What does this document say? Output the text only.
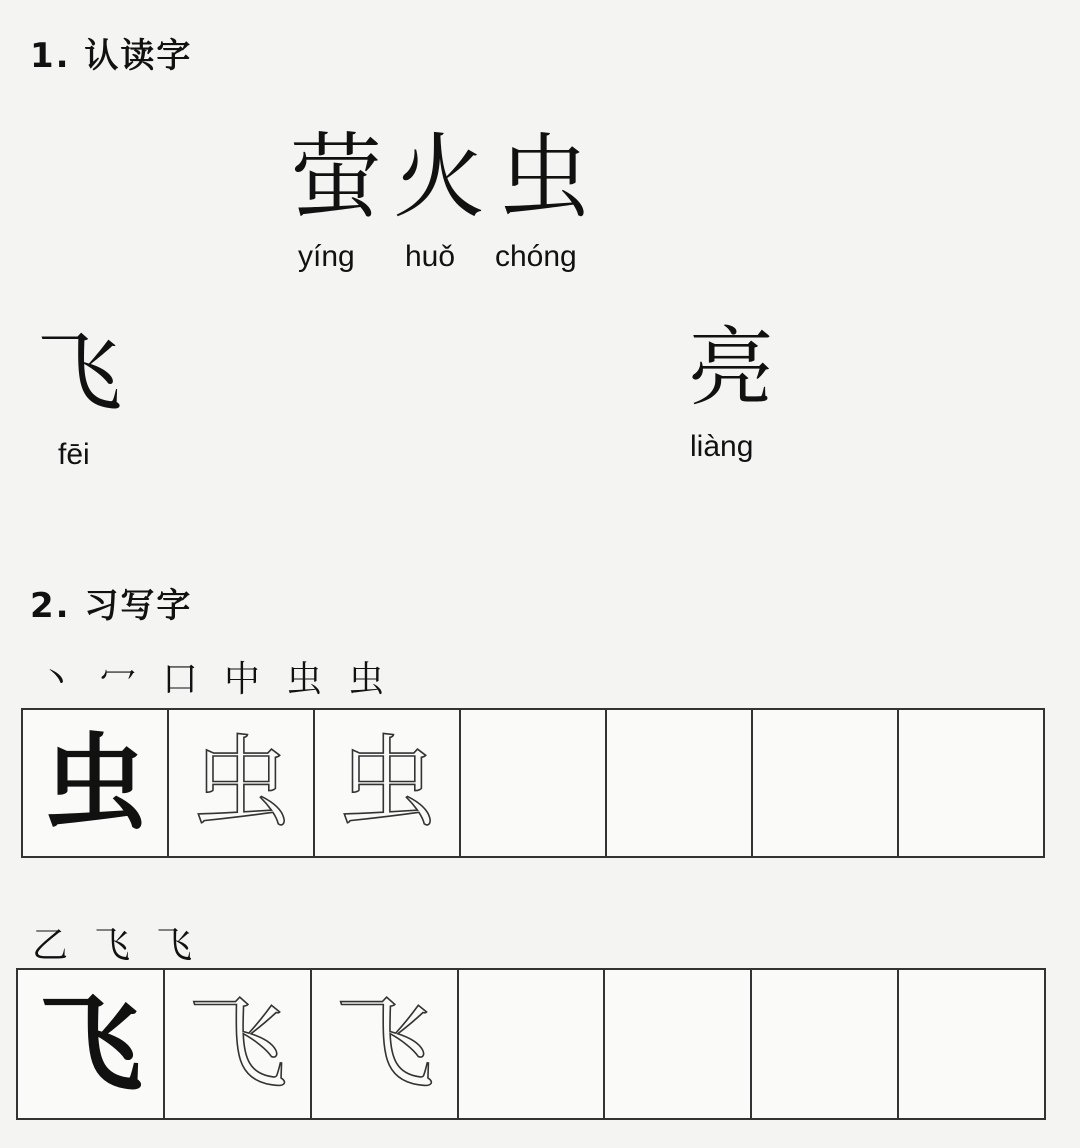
1. 认读字
萤 火 虫
yíng huǒ chóng
飞
fēi
亮
liàng
2. 习写字
丶 冖 口 中 虫 虫
虫 虫 虫
乙 飞 飞
飞 飞 飞
